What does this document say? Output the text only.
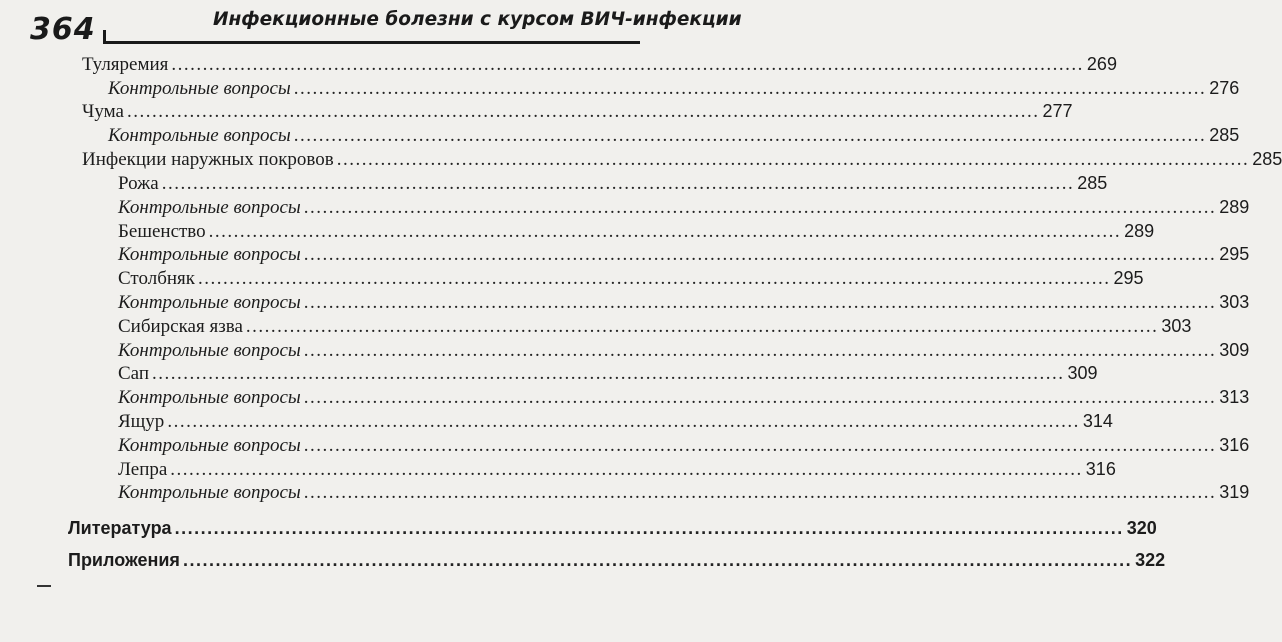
364	Инфекционные болезни с курсом ВИЧ-инфекции
Туляремия .....	269
Контрольные вопросы .....	276
Чума .....	277
Контрольные вопросы .....	285
Инфекции наружных покровов .....	285
Рожа .....	285
Контрольные вопросы .....	289
Бешенство .....	289
Контрольные вопросы .....	295
Столбняк .....	295
Контрольные вопросы .....	303
Сибирская язва .....	303
Контрольные вопросы .....	309
Сап .....	309
Контрольные вопросы .....	313
Ящур .....	314
Контрольные вопросы .....	316
Лепра .....	316
Контрольные вопросы .....	319
Литература .....	320
Приложения .....	322
